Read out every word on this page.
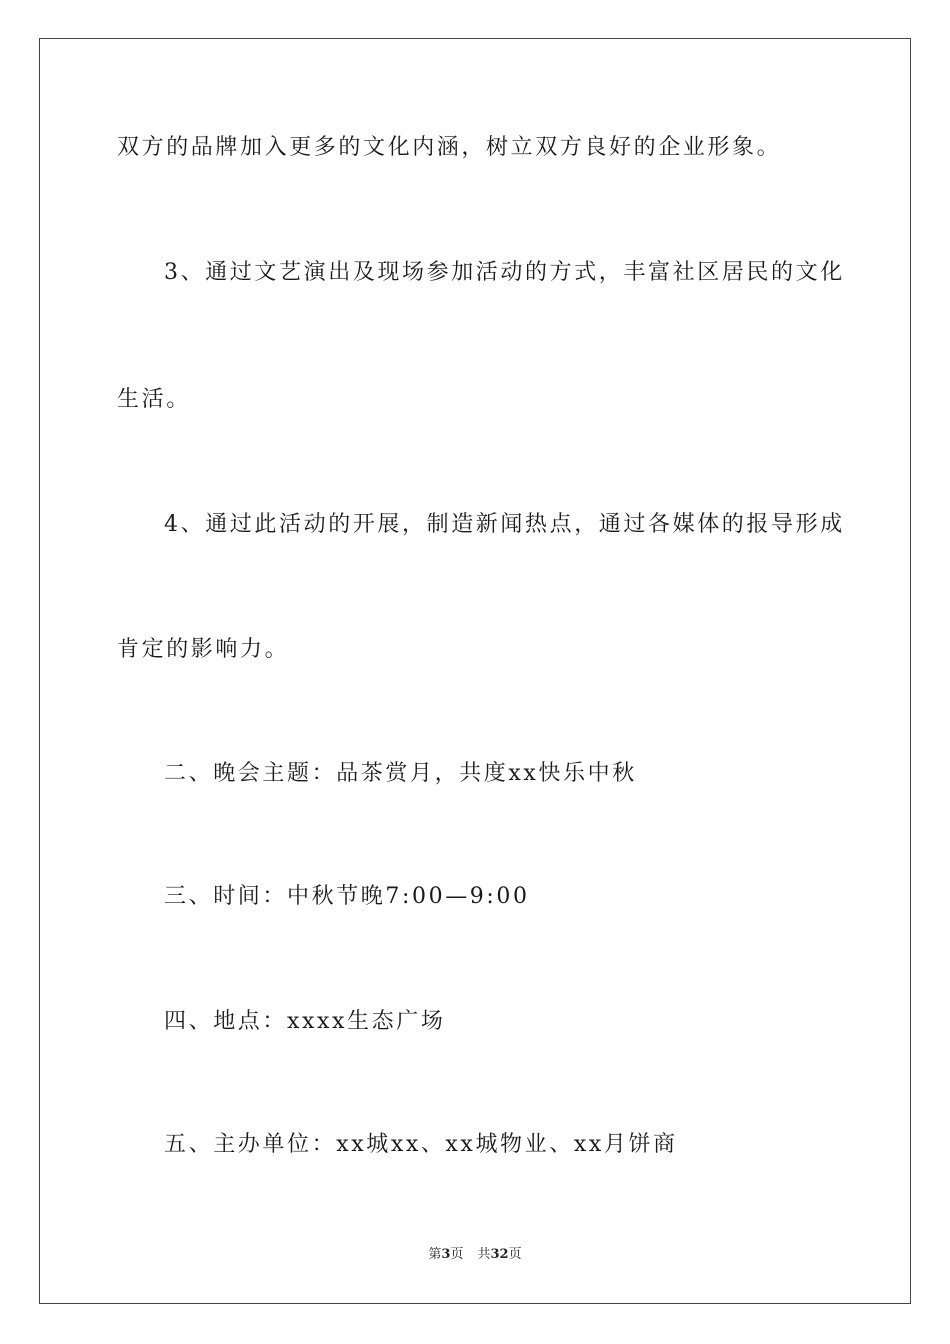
双方的品牌加入更多的文化内涵，树立双方良好的企业形象。
3、通过文艺演出及现场参加活动的方式，丰富社区居民的文化
生活。
4、通过此活动的开展，制造新闻热点，通过各媒体的报导形成
肯定的影响力。
二、晚会主题：品茶赏月，共度xx快乐中秋
三、时间：中秋节晚7:00—9:00
四、地点：xxxx生态广场
五、主办单位：xx城xx、xx城物业、xx月饼商
第3页 共32页
